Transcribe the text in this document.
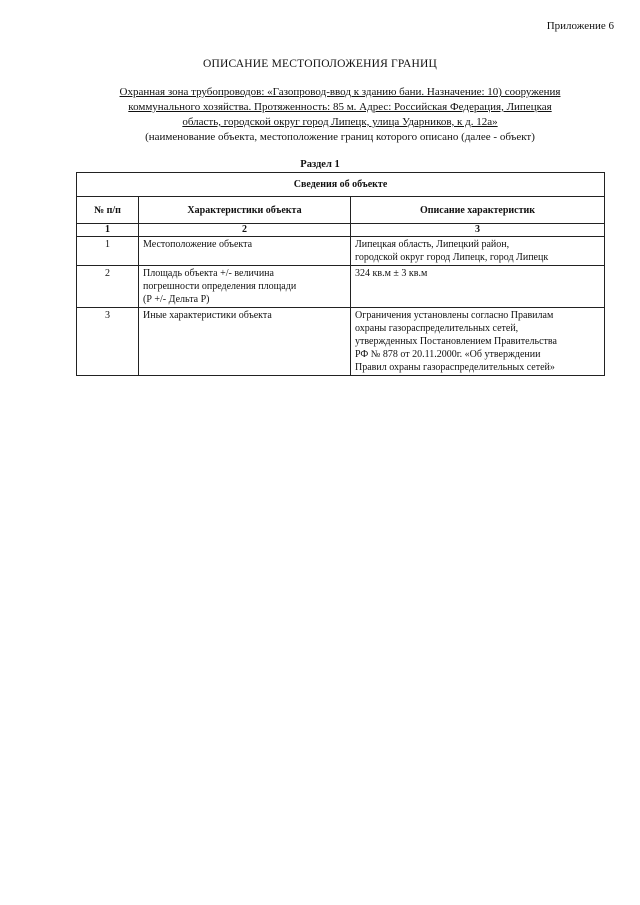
Приложение 6
ОПИСАНИЕ МЕСТОПОЛОЖЕНИЯ ГРАНИЦ
Охранная зона трубопроводов: «Газопровод-ввод к зданию бани. Назначение: 10) сооружения
коммунального хозяйства. Протяженность: 85 м. Адрес: Российская Федерация, Липецкая
область, городской округ город Липецк, улица Ударников, к д. 12а»
(наименование объекта, местоположение границ которого описано (далее - объект)
Раздел 1
Сведения об объекте		
№ п/п	Характеристики объекта	Описание характеристик
1	2	3
1	Местоположение объекта	Липецкая область, Липецкий район,
городской округ город Липецк, город Липецк

2	Площадь объекта +/- величина
погрешности определения площади
(Р +/- Дельта Р)	324 кв.м ± 3 кв.м

3	Иные характеристики объекта	Ограничения установлены согласно Правилам
охраны газораспределительных сетей,
утвержденных Постановлением Правительства
РФ № 878 от 20.11.2000г. «Об утверждении
Правил охраны газораспределительных сетей»
